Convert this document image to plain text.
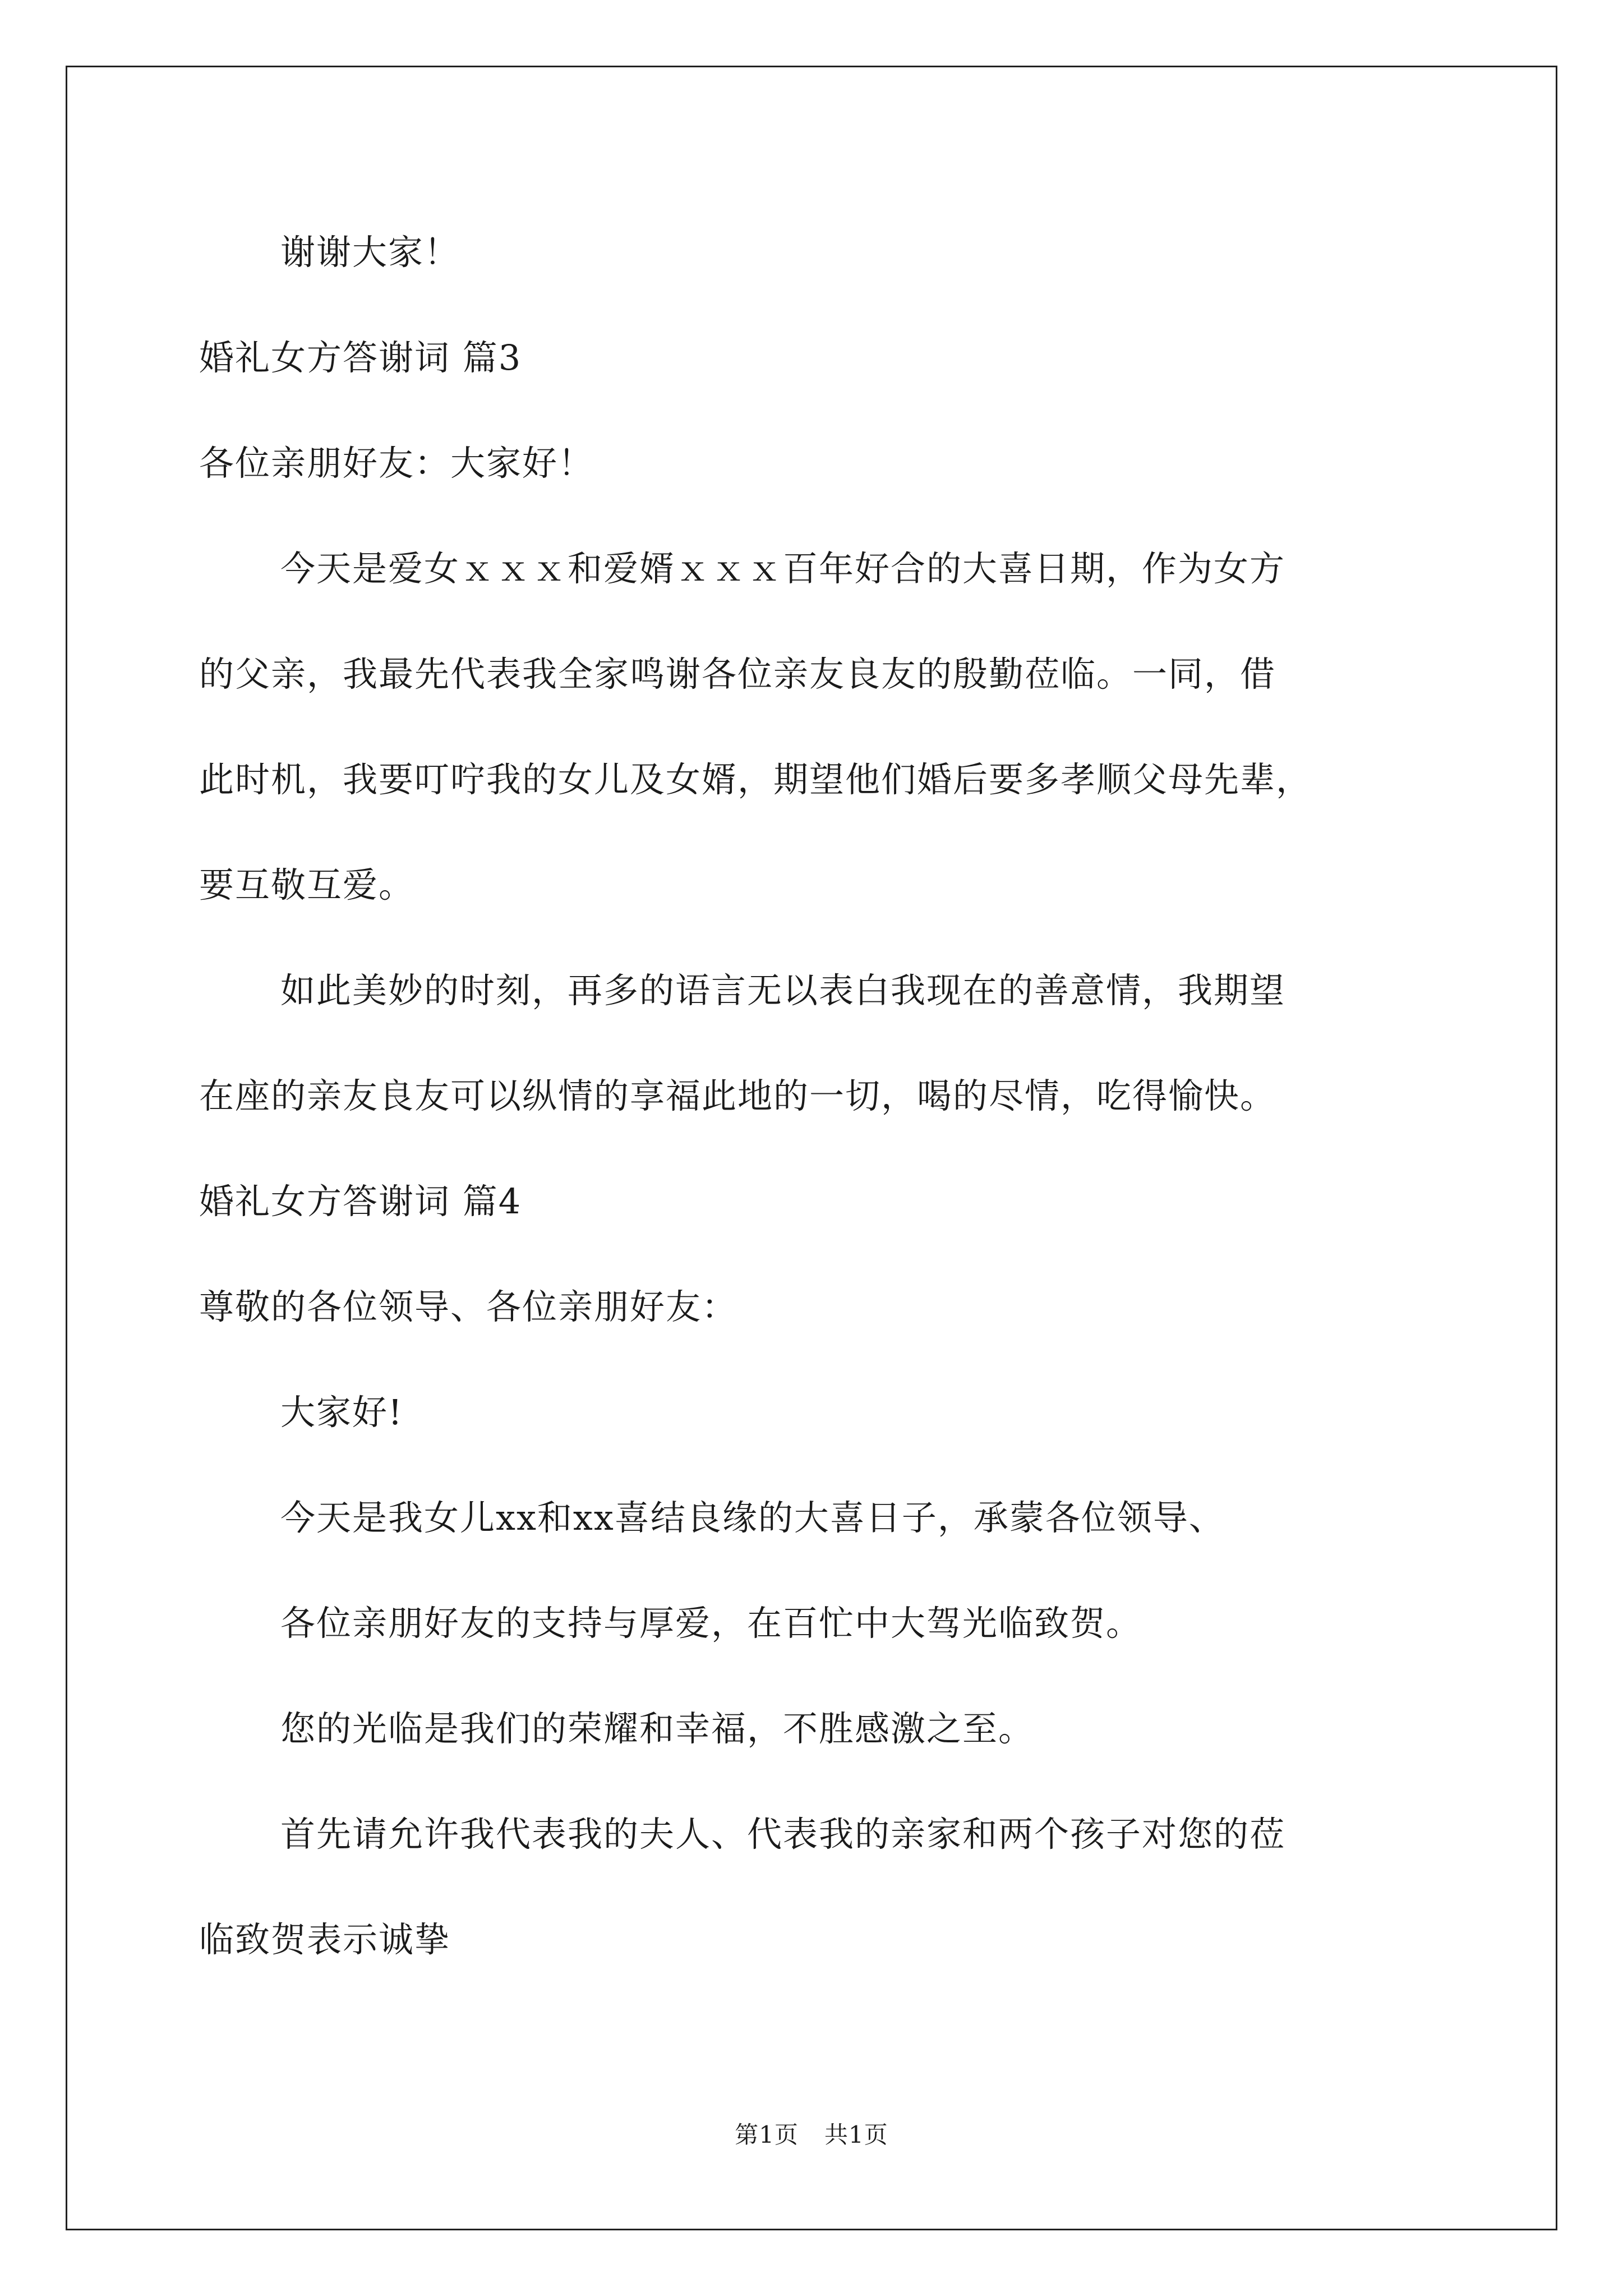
谢谢大家！
婚礼女方答谢词 篇3
各位亲朋好友：大家好！
今天是爱女ｘｘｘ和爱婿ｘｘｘ百年好合的大喜日期，作为女方
的父亲，我最先代表我全家鸣谢各位亲友良友的殷勤莅临。一同，借
此时机，我要叮咛我的女儿及女婿，期望他们婚后要多孝顺父母先辈，
要互敬互爱。
如此美妙的时刻，再多的语言无以表白我现在的善意情，我期望
在座的亲友良友可以纵情的享福此地的一切，喝的尽情，吃得愉快。
婚礼女方答谢词 篇4
尊敬的各位领导、各位亲朋好友：
大家好!
今天是我女儿xx和xx喜结良缘的大喜日子，承蒙各位领导、
各位亲朋好友的支持与厚爱，在百忙中大驾光临致贺。
您的光临是我们的荣耀和幸福，不胜感激之至。
首先请允许我代表我的夫人、代表我的亲家和两个孩子对您的莅
临致贺表示诚挚
第1页 共1页
